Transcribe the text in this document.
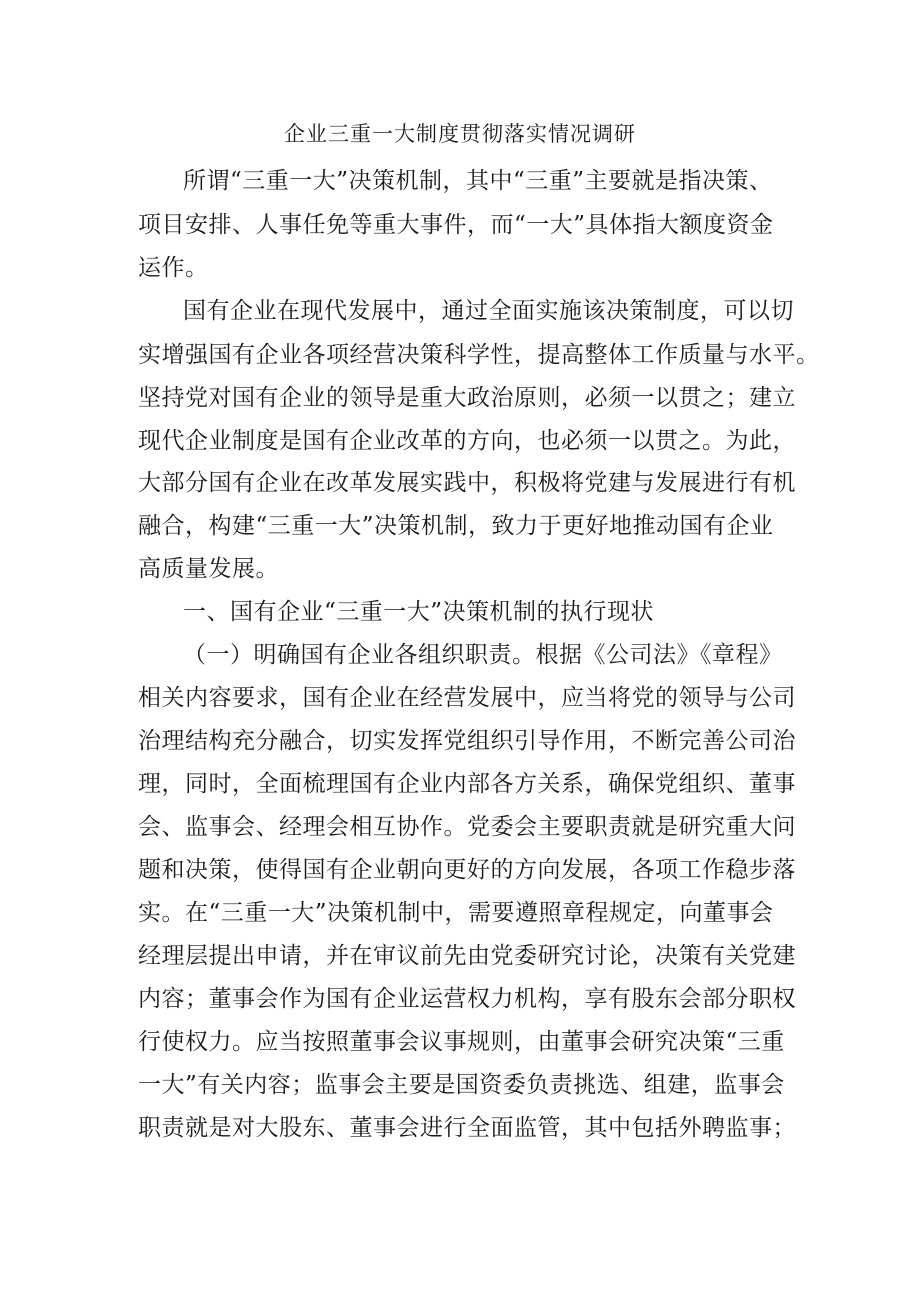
企业三重一大制度贯彻落实情况调研
所谓“三重一大”决策机制，其中“三重”主要就是指决策、
项目安排、人事任免等重大事件，而“一大”具体指大额度资金
运作。
国有企业在现代发展中，通过全面实施该决策制度，可以切
实增强国有企业各项经营决策科学性，提高整体工作质量与水平。
坚持党对国有企业的领导是重大政治原则，必须一以贯之；建立
现代企业制度是国有企业改革的方向，也必须一以贯之。为此，
大部分国有企业在改革发展实践中，积极将党建与发展进行有机
融合，构建“三重一大”决策机制，致力于更好地推动国有企业
高质量发展。
一、国有企业“三重一大”决策机制的执行现状
（一）明确国有企业各组织职责。根据《公司法》《章程》
相关内容要求，国有企业在经营发展中，应当将党的领导与公司
治理结构充分融合，切实发挥党组织引导作用，不断完善公司治
理，同时，全面梳理国有企业内部各方关系，确保党组织、董事
会、监事会、经理会相互协作。党委会主要职责就是研究重大问
题和决策，使得国有企业朝向更好的方向发展，各项工作稳步落
实。在“三重一大”决策机制中，需要遵照章程规定，向董事会
经理层提出申请，并在审议前先由党委研究讨论，决策有关党建
内容；董事会作为国有企业运营权力机构，享有股东会部分职权
行使权力。应当按照董事会议事规则，由董事会研究决策“三重
一大”有关内容；监事会主要是国资委负责挑选、组建，监事会
职责就是对大股东、董事会进行全面监管，其中包括外聘监事；
